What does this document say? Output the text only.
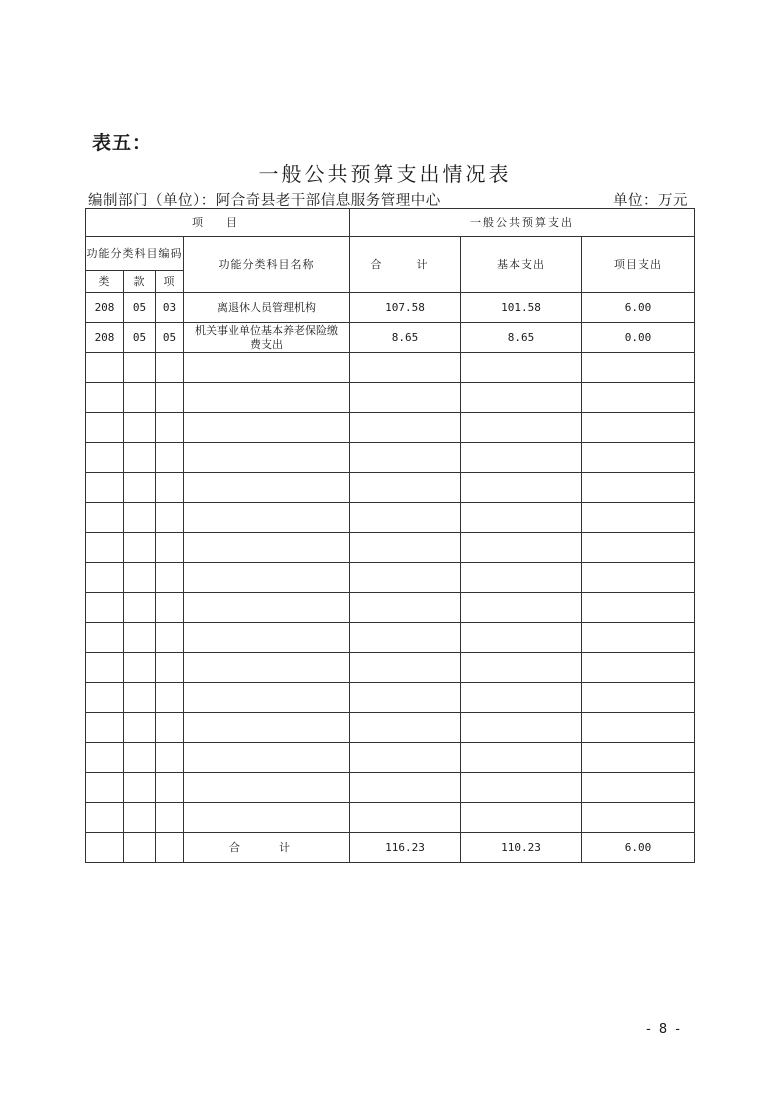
表五：
一般公共预算支出情况表
编制部门（单位）：阿合奇县老干部信息服务管理中心	单位：万元
项　目				一般公共预算支出		
功能分类科目编码			功能分类科目名称	合　计	基本支出	项目支出
类	款	项				
208	05	03	离退休人员管理机构	107.58	101.58	6.00
208	05	05	机关事业单位基本养老保险缴费支出	8.65	8.65	0.00

			合　计	116.23	110.23	6.00
- 8 -
